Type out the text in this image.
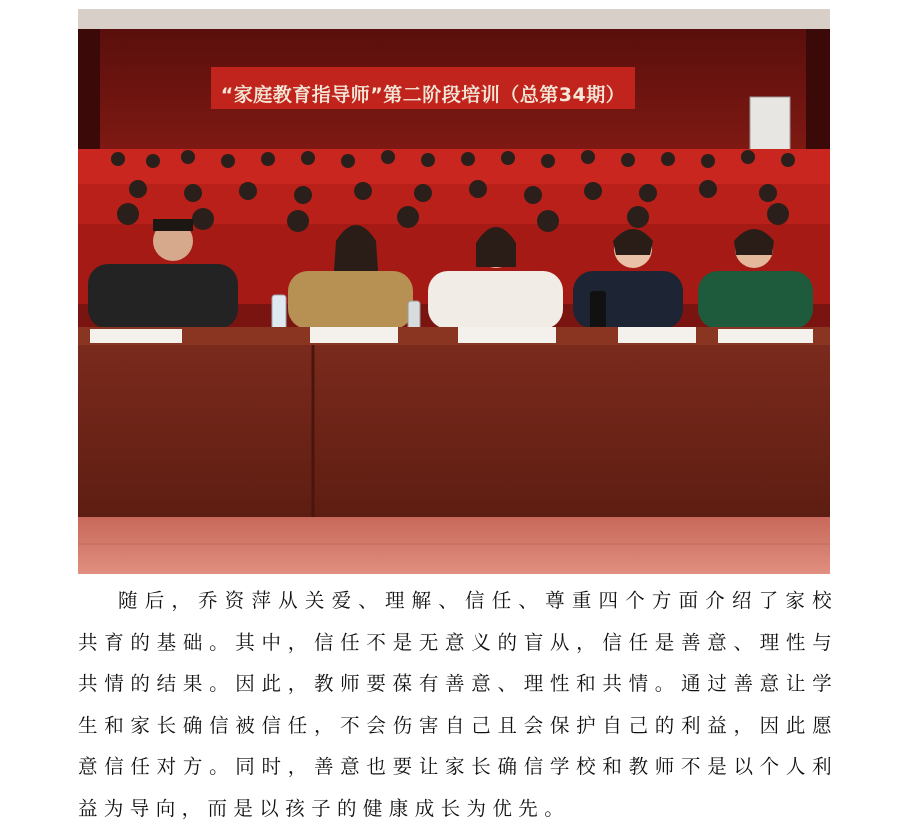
“家庭教育指导师”第二阶段培训（总第34期）

随后，乔资萍从关爱、理解、信任、尊重四个方面介绍了家校共育的基础。其中，信任不是无意义的盲从，信任是善意、理性与共情的结果。因此，教师要葆有善意、理性和共情。通过善意让学生和家长确信被信任，不会伤害自己且会保护自己的利益，因此愿意信任对方。同时，善意也要让家长确信学校和教师不是以个人利益为导向，而是以孩子的健康成长为优先。
